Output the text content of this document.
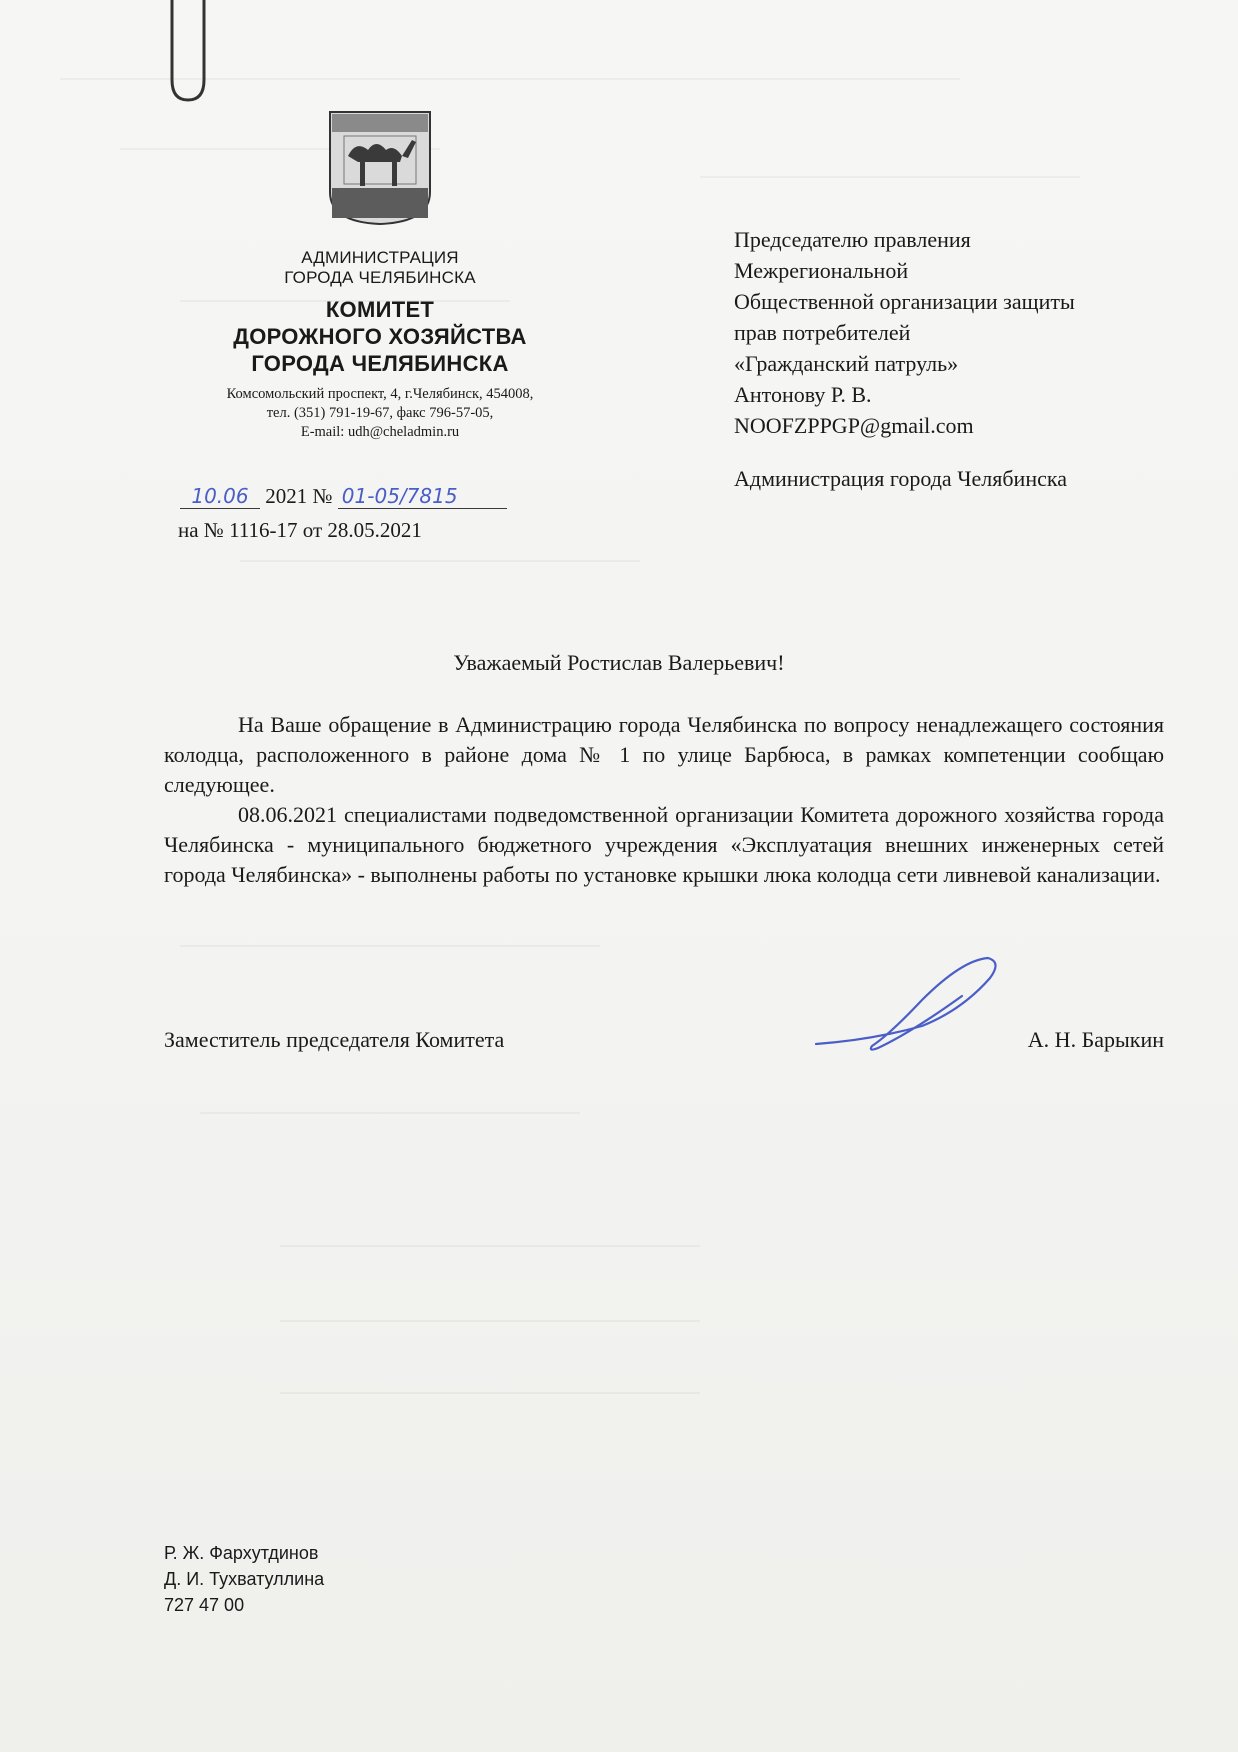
АДМИНИСТРАЦИЯ
ГОРОДА ЧЕЛЯБИНСКА
КОМИТЕТ
ДОРОЖНОГО ХОЗЯЙСТВА
ГОРОДА ЧЕЛЯБИНСКА
Комсомольский проспект, 4, г.Челябинск, 454008,
тел. (351) 791-19-67, факс 796-57-05,
E-mail: udh@cheladmin.ru
10.06 2021 № 01-05/7815
на № 1116-17 от 28.05.2021
Председателю правления
Межрегиональной
Общественной организации защиты
прав потребителей
«Гражданский патруль»
Антонову Р. В.
NOOFZPPGP@gmail.com
Администрация города Челябинска
Уважаемый Ростислав Валерьевич!

На Ваше обращение в Администрацию города Челябинска по вопросу ненадлежащего состояния колодца, расположенного в районе дома № 1 по улице Барбюса, в рамках компетенции сообщаю следующее.

08.06.2021 специалистами подведомственной организации Комитета дорожного хозяйства города Челябинска - муниципального бюджетного учреждения «Эксплуатация внешних инженерных сетей города Челябинска» - выполнены работы по установке крышки люка колодца сети ливневой канализации.

Заместитель председателя Комитета	А. Н. Барыкин
Р. Ж. Фархутдинов
Д. И. Тухватуллина
727 47 00
